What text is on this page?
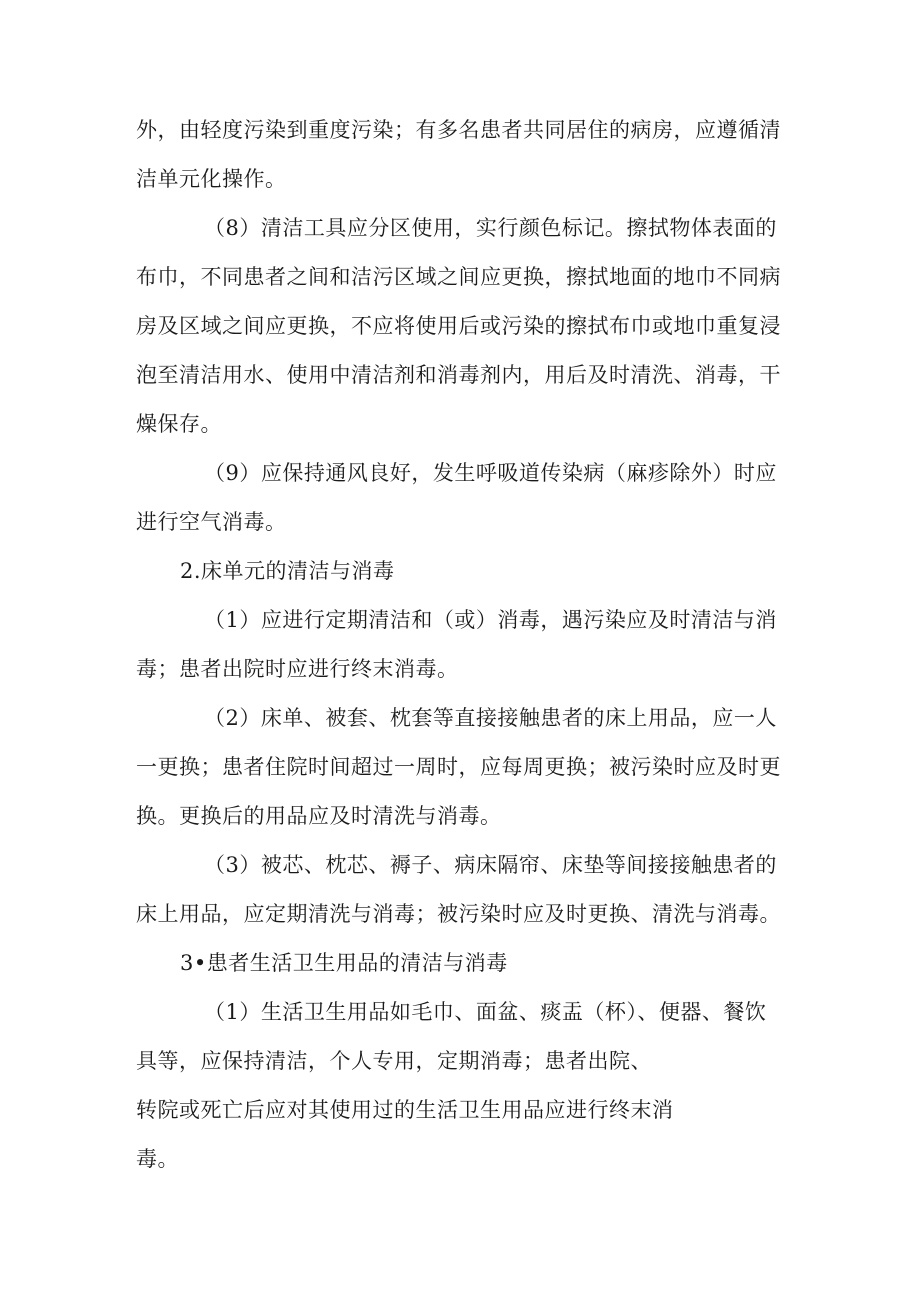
外，由轻度污染到重度污染；有多名患者共同居住的病房，应遵循清
洁单元化操作。
（8）清洁工具应分区使用，实行颜色标记。擦拭物体表面的
布巾，不同患者之间和洁污区域之间应更换，擦拭地面的地巾不同病
房及区域之间应更换，不应将使用后或污染的擦拭布巾或地巾重复浸
泡至清洁用水、使用中清洁剂和消毒剂内，用后及时清洗、消毒，干
燥保存。
（9）应保持通风良好，发生呼吸道传染病（麻疹除外）时应
进行空气消毒。
2.床单元的清洁与消毒
（1）应进行定期清洁和（或）消毒，遇污染应及时清洁与消
毒；患者出院时应进行终末消毒。
（2）床单、被套、枕套等直接接触患者的床上用品，应一人
一更换；患者住院时间超过一周时，应每周更换；被污染时应及时更
换。更换后的用品应及时清洗与消毒。
（3）被芯、枕芯、褥子、病床隔帘、床垫等间接接触患者的
床上用品，应定期清洗与消毒；被污染时应及时更换、清洗与消毒。
3•患者生活卫生用品的清洁与消毒
（1）生活卫生用品如毛巾、面盆、痰盂（杯）、便器、餐饮
具等，应保持清洁，个人专用，定期消毒；患者出院、
转院或死亡后应对其使用过的生活卫生用品应进行终末消
毒。
